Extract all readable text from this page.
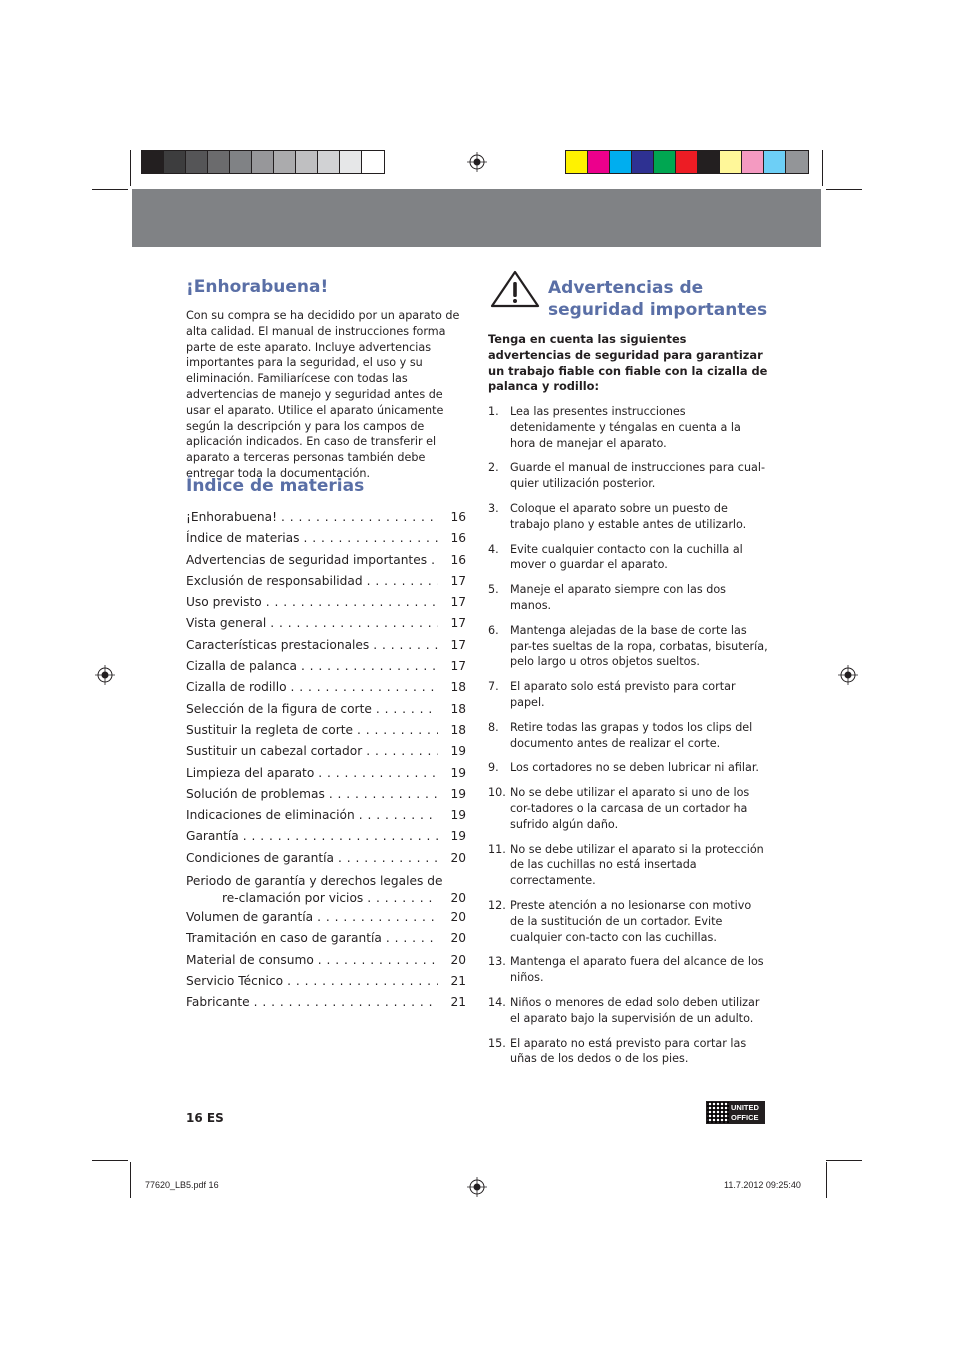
¡Enhorabuena!

Con su compra se ha decidido por un aparato de alta calidad. El manual de instrucciones forma parte de este aparato. Incluye advertencias importantes para la seguridad, el uso y su eliminación. Familiarícese con todas las advertencias de manejo y seguridad antes de usar el aparato. Utilice el aparato únicamente según la descripción y para los campos de aplicación indicados. En caso de transferir el aparato a terceras personas también debe entregar toda la documentación.

Índice de materias
¡Enhorabuena! . . .	16
Índice de materias . . .	16
Advertencias de seguridad importantes . . .	16
Exclusión de responsabilidad . . .	17
Uso previsto . . .	17
Vista general . . .	17
Características prestacionales . . .	17
Cizalla de palanca . . .	17
Cizalla de rodillo . . .	18
Selección de la figura de corte . . .	18
Sustituir la regleta de corte . . .	18
Sustituir un cabezal cortador . . .	19
Limpieza del aparato . . .	19
Solución de problemas . . .	19
Indicaciones de eliminación . . .	19
Garantía . . .	19
Condiciones de garantía . . .	20
Periodo de garantía y derechos legales de
re-clamación por vicios . . .	20
Volumen de garantía . . .	20
Tramitación en caso de garantía . . .	20
Material de consumo . . .	20
Servicio Técnico . . .	21
Fabricante . . .	21
Advertencias de
seguridad importantes

Tenga en cuenta las siguientes advertencias de seguridad para garantizar un trabajo fiable con fiable con la cizalla de palanca y rodillo:

1.	Lea las presentes instrucciones detenidamente y téngalas en cuenta a la hora de manejar el aparato.
2.	Guarde el manual de instrucciones para cual-quier utilización posterior.
3.	Coloque el aparato sobre un puesto de trabajo plano y estable antes de utilizarlo.
4.	Evite cualquier contacto con la cuchilla al mover o guardar el aparato.
5.	Maneje el aparato siempre con las dos manos.
6.	Mantenga alejadas de la base de corte las par-tes sueltas de la ropa, corbatas, bisutería, pelo largo u otros objetos sueltos.
7.	El aparato solo está previsto para cortar papel.
8.	Retire todas las grapas y todos los clips del documento antes de realizar el corte.
9.	Los cortadores no se deben lubricar ni afilar.
10. No se debe utilizar el aparato si uno de los cor-tadores o la carcasa de un cortador ha sufrido algún daño.
11. No se debe utilizar el aparato si la protección de las cuchillas no está insertada correctamente.
12. Preste atención a no lesionarse con motivo de la sustitución de un cortador. Evite cualquier con-tacto con las cuchillas.
13. Mantenga el aparato fuera del alcance de los niños.
14. Niños o menores de edad solo deben utilizar el aparato bajo la supervisión de un adulto.
15. El aparato no está previsto para cortar las uñas de los dedos o de los pies.
16 ES
UNITED
OFFICE
77620_LB5.pdf 16	11.7.2012 09:25:40
